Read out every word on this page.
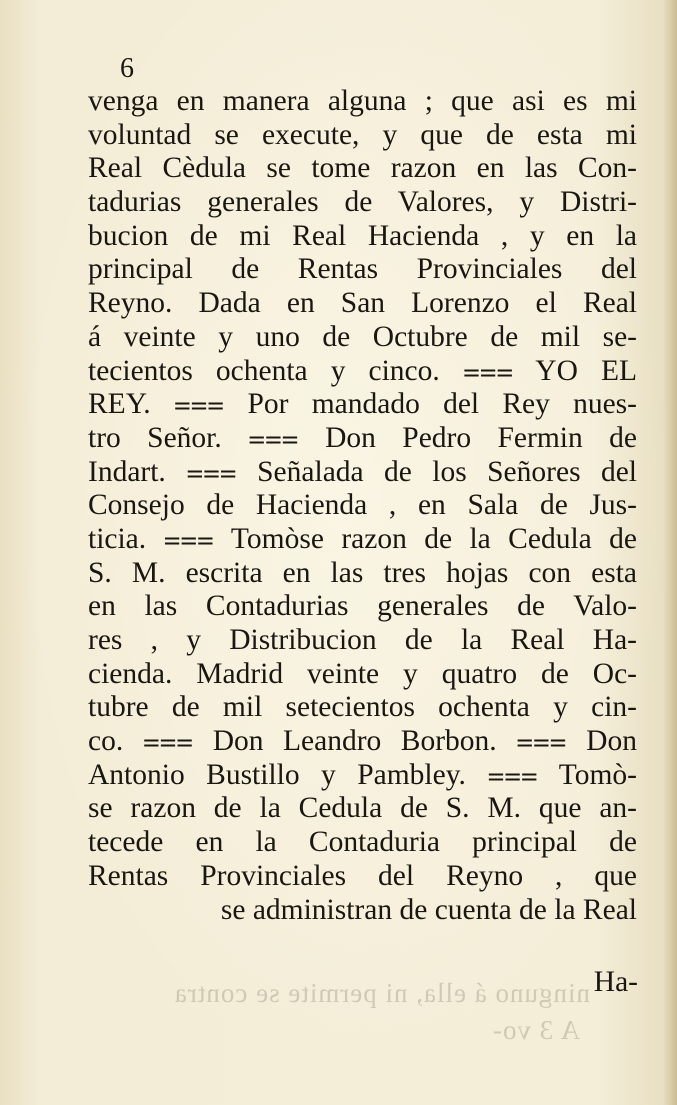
6
venga en manera alguna ; que asi es mi
voluntad se execute, y que de esta mi
Real Cèdula se tome razon en las Con-
tadurias generales de Valores, y Distri-
bucion de mi Real Hacienda , y en la
principal de Rentas Provinciales del
Reyno. Dada en San Lorenzo el Real
á veinte y uno de Octubre de mil se-
tecientos ochenta y cinco. ⩶ YO EL
REY. ⩶ Por mandado del Rey nues-
tro Señor. ⩶ Don Pedro Fermin de
Indart. ⩶ Señalada de los Señores del
Consejo de Hacienda , en Sala de Jus-
ticia. ⩶ Tomòse razon de la Cedula de
S. M. escrita en las tres hojas con esta
en las Contadurias generales de Valo-
res , y Distribucion de la Real Ha-
cienda. Madrid veinte y quatro de Oc-
tubre de mil setecientos ochenta y cin-
co. ⩶ Don Leandro Borbon. ⩶ Don
Antonio Bustillo y Pambley. ⩶ Tomò-
se razon de la Cedula de S. M. que an-
tecede en la Contaduria principal de
Rentas Provinciales del Reyno , que
se administran de cuenta de la Real
Ha-
ninguno á ella, ni permite se contra
A 3 vo-
